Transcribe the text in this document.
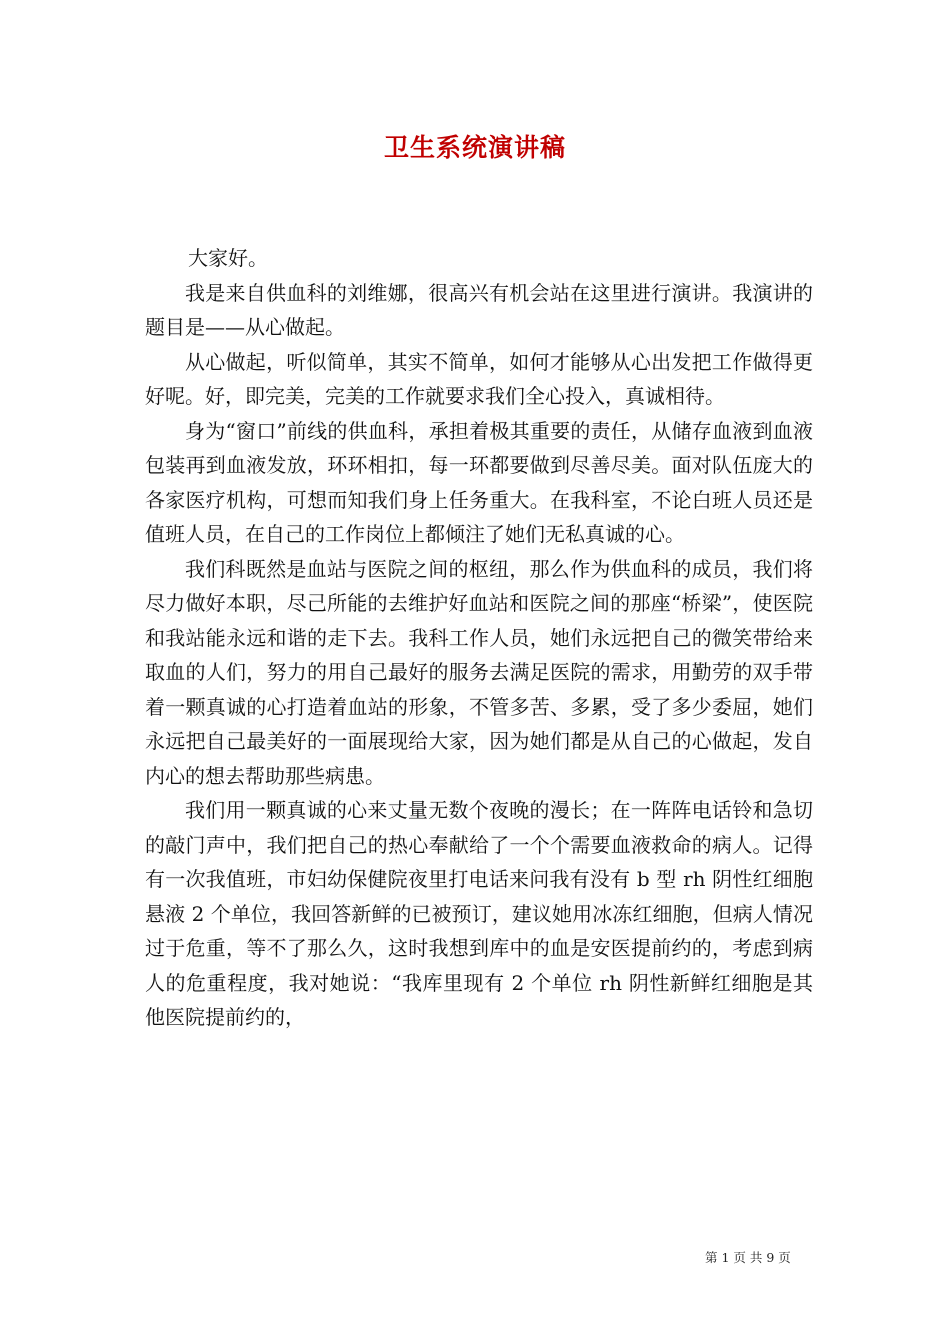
卫生系统演讲稿

大家好。

我是来自供血科的刘维娜，很高兴有机会站在这里进行演讲。我演讲的题目是——从心做起。

从心做起，听似简单，其实不简单，如何才能够从心出发把工作做得更好呢。好，即完美，完美的工作就要求我们全心投入，真诚相待。

身为“窗口”前线的供血科，承担着极其重要的责任，从储存血液到血液包装再到血液发放，环环相扣，每一环都要做到尽善尽美。面对队伍庞大的各家医疗机构，可想而知我们身上任务重大。在我科室，不论白班人员还是值班人员，在自己的工作岗位上都倾注了她们无私真诚的心。

我们科既然是血站与医院之间的枢纽，那么作为供血科的成员，我们将尽力做好本职，尽己所能的去维护好血站和医院之间的那座“桥梁”，使医院和我站能永远和谐的走下去。我科工作人员，她们永远把自己的微笑带给来取血的人们，努力的用自己最好的服务去满足医院的需求，用勤劳的双手带着一颗真诚的心打造着血站的形象，不管多苦、多累，受了多少委屈，她们永远把自己最美好的一面展现给大家，因为她们都是从自己的心做起，发自内心的想去帮助那些病患。

我们用一颗真诚的心来丈量无数个夜晚的漫长；在一阵阵电话铃和急切的敲门声中，我们把自己的热心奉献给了一个个需要血液救命的病人。记得有一次我值班，市妇幼保健院夜里打电话来问我有没有 b 型 rh 阴性红细胞悬液 2 个单位，我回答新鲜的已被预订，建议她用冰冻红细胞，但病人情况过于危重，等不了那么久，这时我想到库中的血是安医提前约的，考虑到病人的危重程度，我对她说：“我库里现有 2 个单位 rh 阴性新鲜红细胞是其他医院提前约的，

第 1 页 共 9 页
